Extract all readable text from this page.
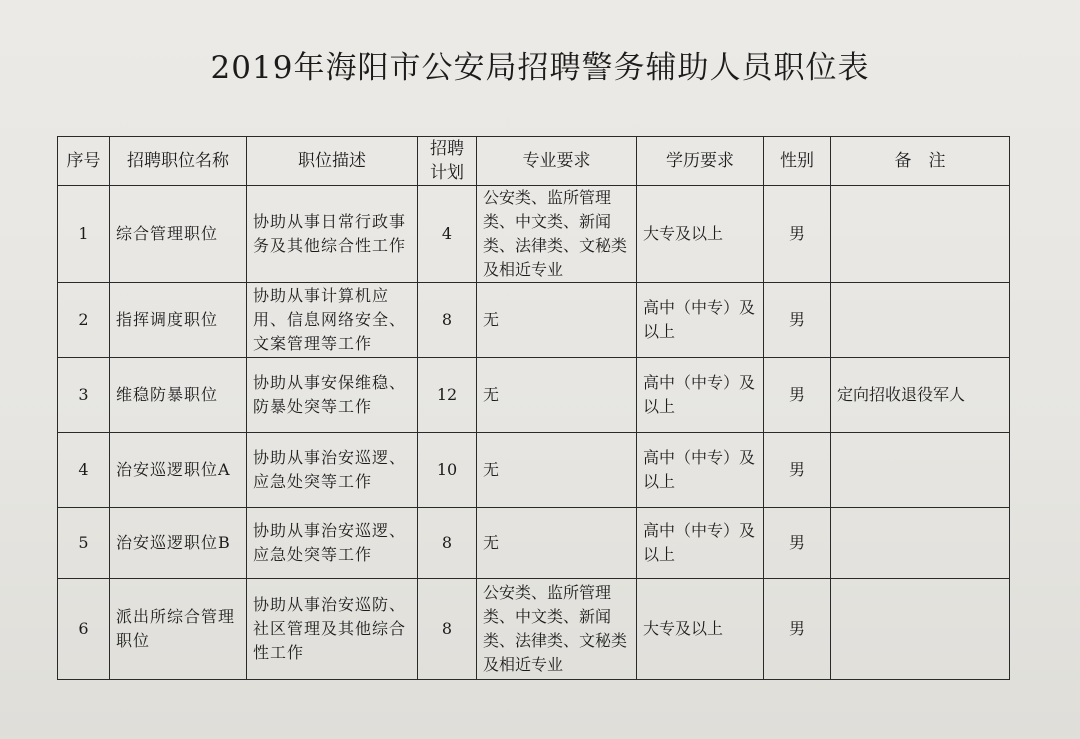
2019年海阳市公安局招聘警务辅助人员职位表
序号	招聘职位名称	职位描述	招聘计划	专业要求	学历要求	性别	备　注
1	综合管理职位	协助从事日常行政事务及其他综合性工作	4	公安类、监所管理类、中文类、新闻类、法律类、文秘类及相近专业	大专及以上	男	
2	指挥调度职位	协助从事计算机应用、信息网络安全、文案管理等工作	8	无	高中（中专）及以上	男	
3	维稳防暴职位	协助从事安保维稳、防暴处突等工作	12	无	高中（中专）及以上	男	定向招收退役军人
4	治安巡逻职位A	协助从事治安巡逻、应急处突等工作	10	无	高中（中专）及以上	男	
5	治安巡逻职位B	协助从事治安巡逻、应急处突等工作	8	无	高中（中专）及以上	男	
6	派出所综合管理职位	协助从事治安巡防、社区管理及其他综合性工作	8	公安类、监所管理类、中文类、新闻类、法律类、文秘类及相近专业	大专及以上	男	
